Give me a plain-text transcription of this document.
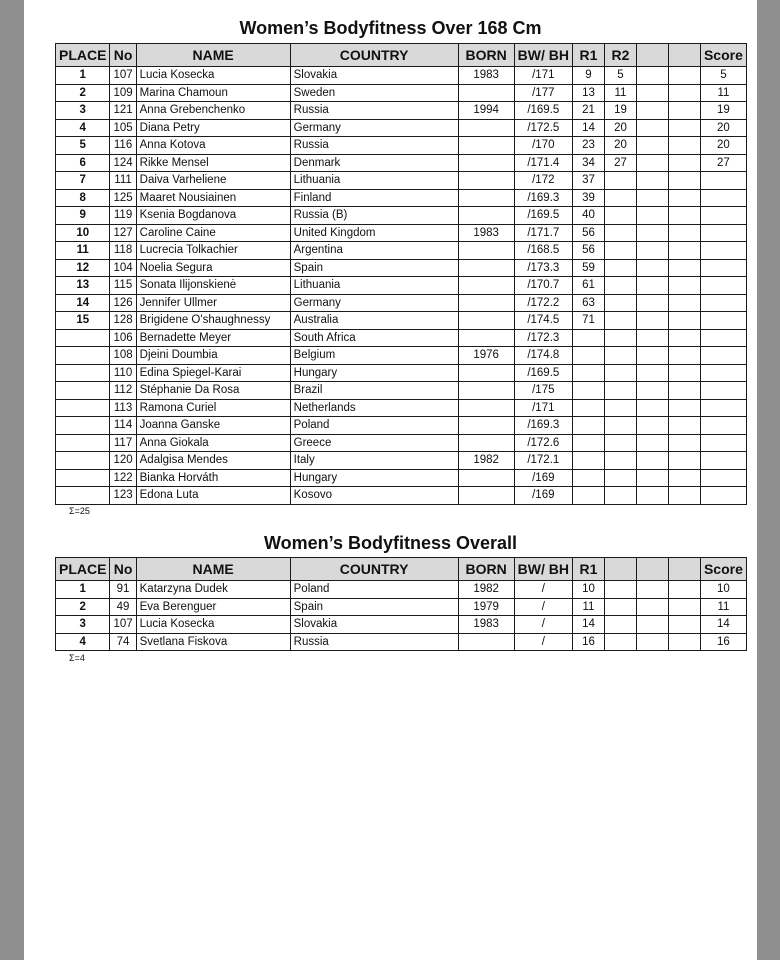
Women’s Bodyfitness Over 168 Cm
PLACE	No	NAME	COUNTRY	BORN	BW/ BH	R1	R2			Score
1	107	Lucia Kosecka	Slovakia	1983	/171	9	5			5
2	109	Marina Chamoun	Sweden		/177	13	11			11
3	121	Anna Grebenchenko	Russia	1994	/169.5	21	19			19
4	105	Diana Petry	Germany		/172.5	14	20			20
5	116	Anna Kotova	Russia		/170	23	20			20
6	124	Rikke Mensel	Denmark		/171.4	34	27			27
7	111	Daiva Varheliene	Lithuania		/172	37				
8	125	Maaret Nousiainen	Finland		/169.3	39				
9	119	Ksenia Bogdanova	Russia (B)		/169.5	40				
10	127	Caroline Caine	United Kingdom	1983	/171.7	56				
11	118	Lucrecia Tolkachier	Argentina		/168.5	56				
12	104	Noelia Segura	Spain		/173.3	59				
13	115	Sonata Ilijonskienė	Lithuania		/170.7	61				
14	126	Jennifer Ullmer	Germany		/172.2	63				
15	128	Brigidene O'shaughnessy	Australia		/174.5	71				
	106	Bernadette Meyer	South Africa		/172.3					
	108	Djeini Doumbia	Belgium	1976	/174.8					
	110	Edina Spiegel-Karai	Hungary		/169.5					
	112	Stéphanie Da Rosa	Brazil		/175					
	113	Ramona Curiel	Netherlands		/171					
	114	Joanna Ganske	Poland		/169.3					
	117	Anna Giokala	Greece		/172.6					
	120	Adalgisa Mendes	Italy	1982	/172.1					
	122	Bianka Horváth	Hungary		/169					
	123	Edona Luta	Kosovo		/169					
Σ=25
Women’s Bodyfitness Overall
PLACE	No	NAME	COUNTRY	BORN	BW/ BH	R1				Score
1	91	Katarzyna Dudek	Poland	1982	/	10				10
2	49	Eva Berenguer	Spain	1979	/	11				11
3	107	Lucia Kosecka	Slovakia	1983	/	14				14
4	74	Svetlana Fiskova	Russia		/	16				16
Σ=4
